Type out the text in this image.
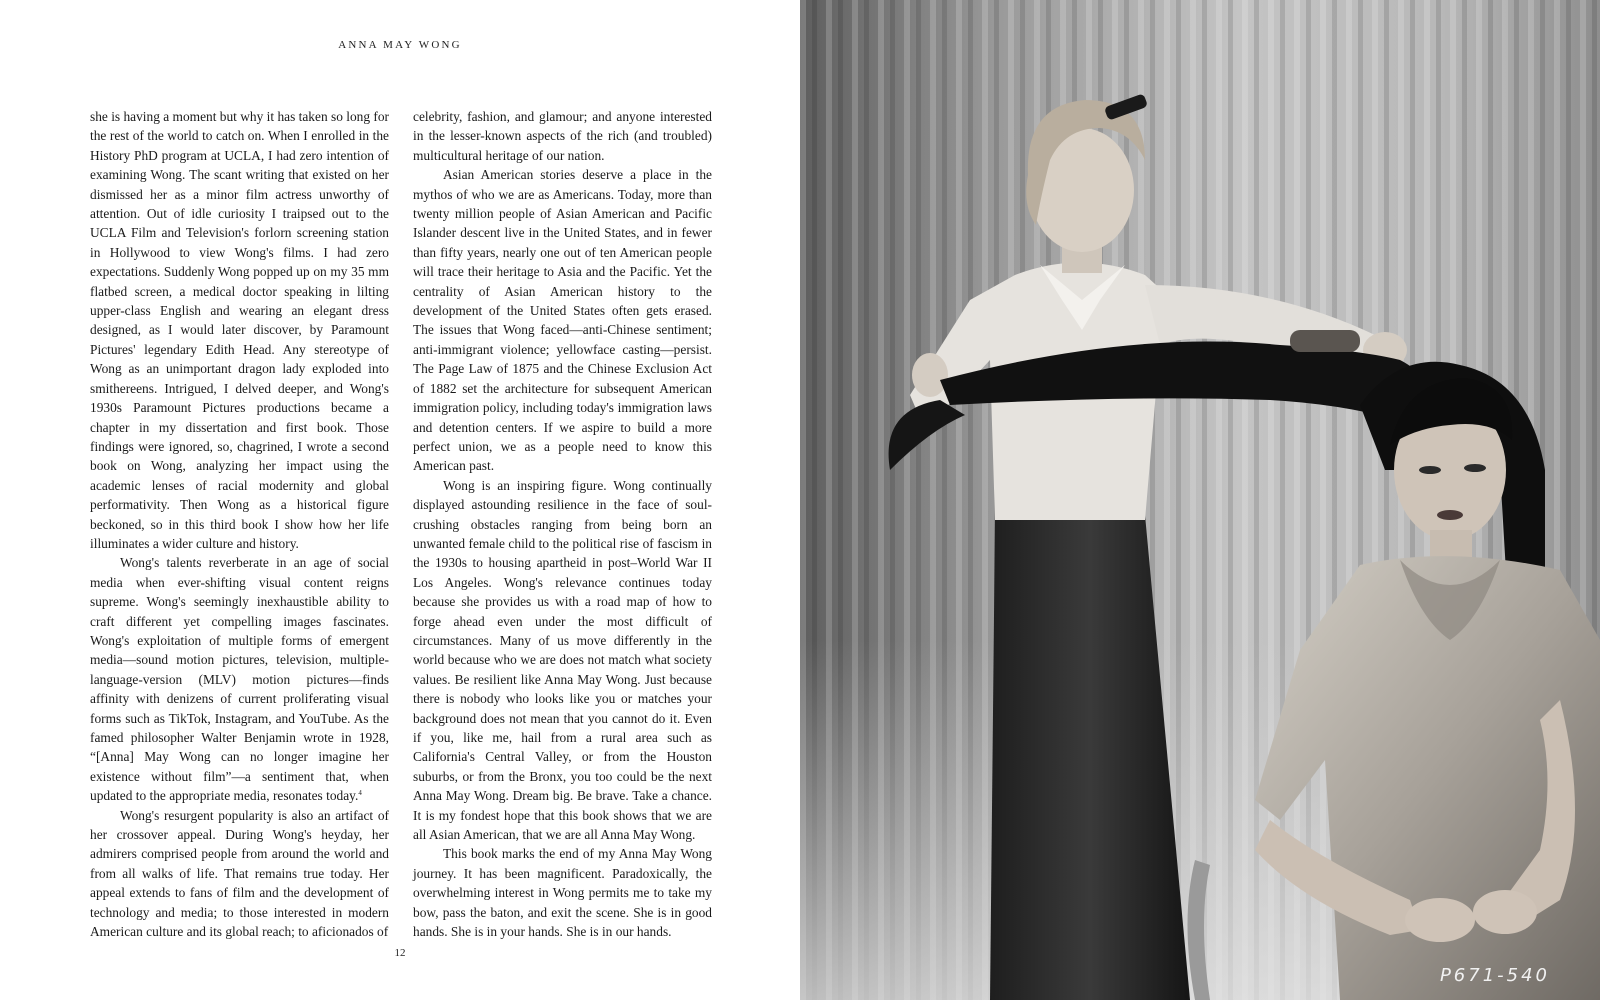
ANNA MAY WONG

she is having a moment but why it has taken so long for the rest of the world to catch on. When I enrolled in the History PhD program at UCLA, I had zero intention of examining Wong. The scant writing that existed on her dismissed her as a minor film actress unworthy of attention. Out of idle curiosity I traipsed out to the UCLA Film and Television's forlorn screening station in Hollywood to view Wong's films. I had zero expectations. Suddenly Wong popped up on my 35 mm flatbed screen, a medical doctor speaking in lilting upper-class English and wearing an elegant dress designed, as I would later discover, by Paramount Pictures' legendary Edith Head. Any stereotype of Wong as an unimportant dragon lady exploded into smithereens. Intrigued, I delved deeper, and Wong's 1930s Paramount Pictures productions became a chapter in my dissertation and first book. Those findings were ignored, so, chagrined, I wrote a second book on Wong, analyzing her impact using the academic lenses of racial modernity and global performativity. Then Wong as a historical figure beckoned, so in this third book I show how her life illuminates a wider culture and history.

Wong's talents reverberate in an age of social media when ever-shifting visual content reigns supreme. Wong's seemingly inexhaustible ability to craft different yet compelling images fascinates. Wong's exploitation of multiple forms of emergent media—sound motion pictures, television, multiple-language-version (MLV) motion pictures—finds affinity with denizens of current proliferating visual forms such as TikTok, Instagram, and YouTube. As the famed philosopher Walter Benjamin wrote in 1928, “[Anna] May Wong can no longer imagine her existence without film”—a sentiment that, when updated to the appropriate media, resonates today.$^4$

Wong's resurgent popularity is also an artifact of her crossover appeal. During Wong's heyday, her admirers comprised people from around the world and from all walks of life. That remains true today. Her appeal extends to fans of film and the development of technology and media; to those interested in modern American culture and its global reach; to aficionados of

celebrity, fashion, and glamour; and anyone interested in the lesser-known aspects of the rich (and troubled) multicultural heritage of our nation.

Asian American stories deserve a place in the mythos of who we are as Americans. Today, more than twenty million people of Asian American and Pacific Islander descent live in the United States, and in fewer than fifty years, nearly one out of ten American people will trace their heritage to Asia and the Pacific. Yet the centrality of Asian American history to the development of the United States often gets erased. The issues that Wong faced—anti-Chinese sentiment; anti-immigrant violence; yellowface casting—persist. The Page Law of 1875 and the Chinese Exclusion Act of 1882 set the architecture for subsequent American immigration policy, including today's immigration laws and detention centers. If we aspire to build a more perfect union, we as a people need to know this American past.

Wong is an inspiring figure. Wong continually displayed astounding resilience in the face of soul-crushing obstacles ranging from being born an unwanted female child to the political rise of fascism in the 1930s to housing apartheid in post–World War II Los Angeles. Wong's relevance continues today because she provides us with a road map of how to forge ahead even under the most difficult of circumstances. Many of us move differently in the world because who we are does not match what society values. Be resilient like Anna May Wong. Just because there is nobody who looks like you or matches your background does not mean that you cannot do it. Even if you, like me, hail from a rural area such as California's Central Valley, or from the Houston suburbs, or from the Bronx, you too could be the next Anna May Wong. Dream big. Be brave. Take a chance. It is my fondest hope that this book shows that we are all Asian American, that we are all Anna May Wong.

This book marks the end of my Anna May Wong journey. It has been magnificent. Paradoxically, the overwhelming interest in Wong permits me to take my bow, pass the baton, and exit the scene. She is in good hands. She is in your hands. She is in our hands.

12
P671-540
